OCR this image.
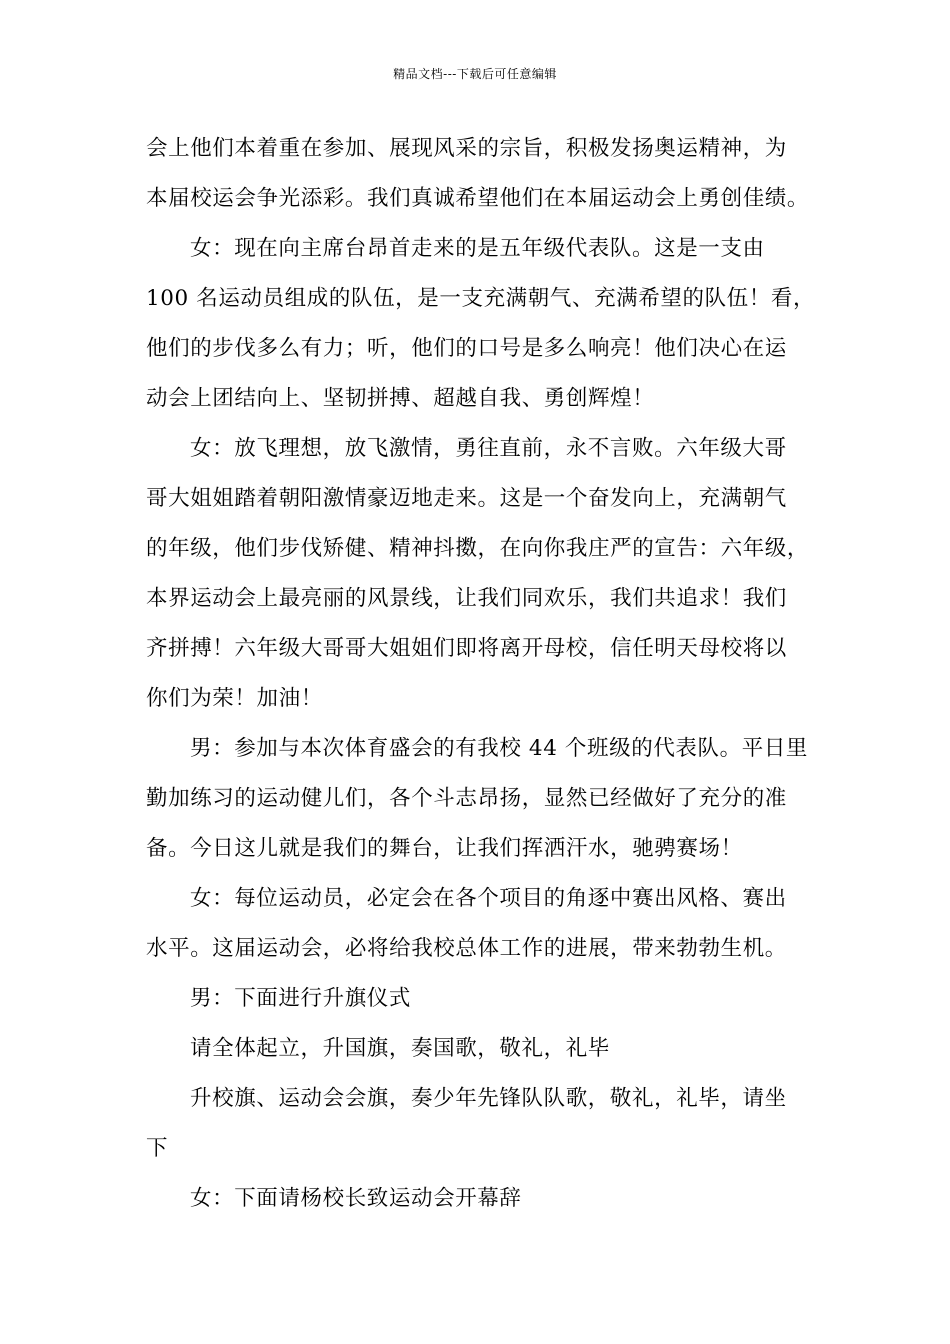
精品文档---下载后可任意编辑
会上他们本着重在参加、展现风采的宗旨，积极发扬奥运精神，为
本届校运会争光添彩。我们真诚希望他们在本届运动会上勇创佳绩。
女：现在向主席台昂首走来的是五年级代表队。这是一支由
100 名运动员组成的队伍，是一支充满朝气、充满希望的队伍！看，
他们的步伐多么有力；听，他们的口号是多么响亮！他们决心在运
动会上团结向上、坚韧拼搏、超越自我、勇创辉煌！
女：放飞理想，放飞激情，勇往直前，永不言败。六年级大哥
哥大姐姐踏着朝阳激情豪迈地走来。这是一个奋发向上，充满朝气
的年级，他们步伐矫健、精神抖擞，在向你我庄严的宣告：六年级，
本界运动会上最亮丽的风景线，让我们同欢乐，我们共追求！我们
齐拼搏！六年级大哥哥大姐姐们即将离开母校，信任明天母校将以
你们为荣！加油！
男：参加与本次体育盛会的有我校 44 个班级的代表队。平日里
勤加练习的运动健儿们，各个斗志昂扬，显然已经做好了充分的准
备。今日这儿就是我们的舞台，让我们挥洒汗水，驰骋赛场！
女：每位运动员，必定会在各个项目的角逐中赛出风格、赛出
水平。这届运动会，必将给我校总体工作的进展，带来勃勃生机。
男：下面进行升旗仪式
请全体起立，升国旗，奏国歌，敬礼，礼毕
升校旗、运动会会旗，奏少年先锋队队歌，敬礼，礼毕，请坐
下
女：下面请杨校长致运动会开幕辞
